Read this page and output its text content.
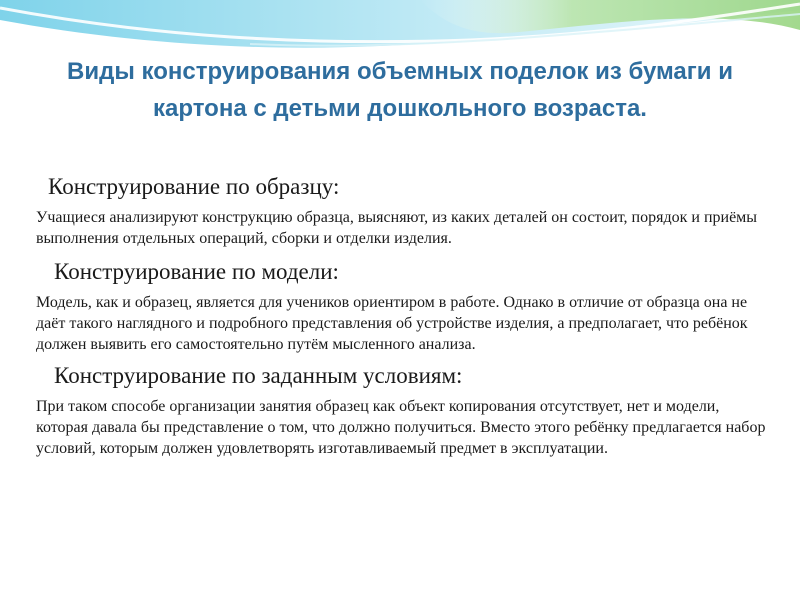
Виды конструирования объемных поделок из бумаги и картона с детьми дошкольного возраста.
Конструирование по образцу:
Учащиеся анализируют конструкцию образца, выясняют, из каких деталей он состоит, порядок и приёмы выполнения отдельных операций, сборки и отделки изделия.
Конструирование по модели:
Модель, как и образец, является для учеников ориентиром в работе. Однако в отличие от образца она не даёт такого наглядного и подробного представления об устройстве изделия, а предполагает, что ребёнок должен выявить его самостоятельно путём мысленного анализа.
Конструирование по заданным условиям:
При таком способе организации занятия образец как объект копирования отсутствует, нет и модели, которая давала бы представление о том, что должно получиться. Вместо этого ребёнку предлагается набор условий, которым должен удовлетворять изготавливаемый предмет в эксплуатации.
